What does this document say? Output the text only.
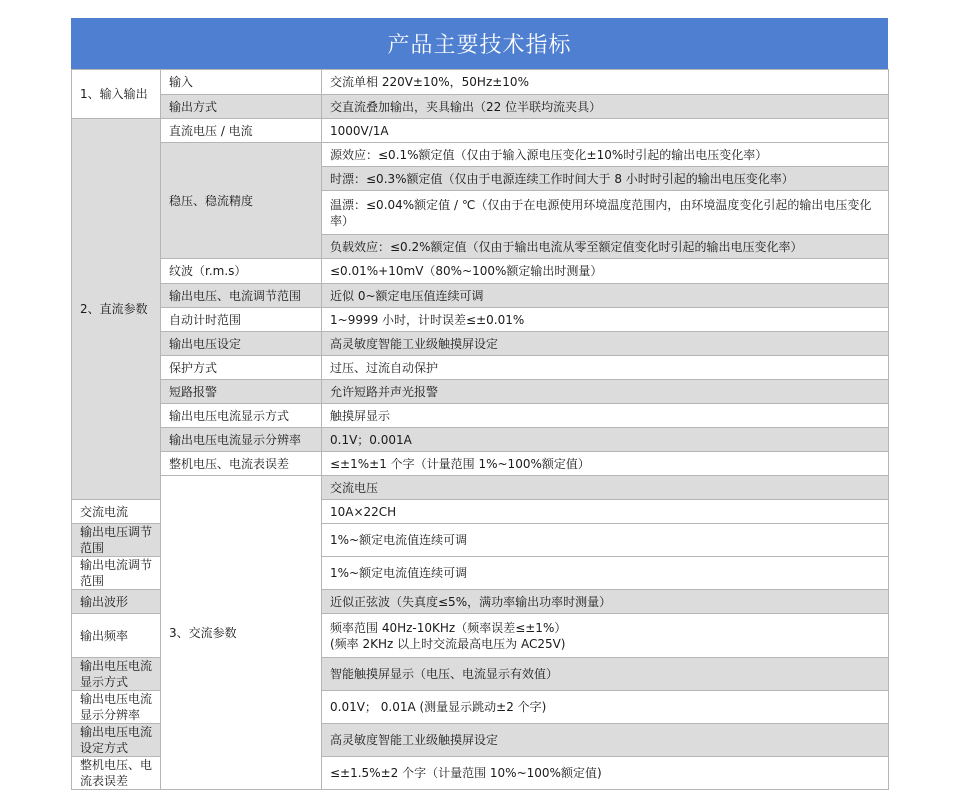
产品主要技术指标
1、输入输出	输入	交流单相 220V±10%，50Hz±10%	
	输出方式	交直流叠加输出，夹具输出（22 位半联均流夹具）	
2、直流参数	直流电压 / 电流	1000V/1A	
	稳压、稳流精度	源效应：≤0.1%额定值（仅由于输入源电压变化±10%时引起的输出电压变化率）	
		时漂：≤0.3%额定值（仅由于电源连续工作时间大于 8 小时时引起的输出电压变化率）	
		温漂：≤0.04%额定值 / ℃（仅由于在电源使用环境温度范围内，由环境温度变化引起的输出电压变化率）	
		负载效应：≤0.2%额定值（仅由于输出电流从零至额定值变化时引起的输出电压变化率）	
	纹波（r.m.s）	≤0.01%+10mV（80%~100%额定输出时测量）	
	输出电压、电流调节范围	近似 0~额定电压值连续可调	
	自动计时范围	1~9999 小时，计时误差≤±0.01%	
	输出电压设定	高灵敏度智能工业级触摸屏设定	
	保护方式	过压、过流自动保护	
	短路报警	允许短路并声光报警	
	输出电压电流显示方式	触摸屏显示	
	输出电压电流显示分辨率	0.1V；0.001A	
	整机电压、电流表误差	≤±1%±1 个字（计量范围 1%~100%额定值）	
	3、交流参数	交流电压	
交流电流		10A×22CH	
输出电压调节范围		1%~额定电流值连续可调	
输出电流调节范围		1%~额定电流值连续可调	
输出波形		近似正弦波（失真度≤5%，满功率输出功率时测量）	
输出频率		频率范围 40Hz-10KHz（频率误差≤±1%）
(频率 2KHz 以上时交流最高电压为 AC25V)	
输出电压电流显示方式		智能触摸屏显示（电压、电流显示有效值）	
输出电压电流显示分辨率		0.01V； 0.01A (测量显示跳动±2 个字)	
输出电压电流设定方式		高灵敏度智能工业级触摸屏设定	
整机电压、电流表误差		≤±1.5%±2 个字（计量范围 10%~100%额定值)	
